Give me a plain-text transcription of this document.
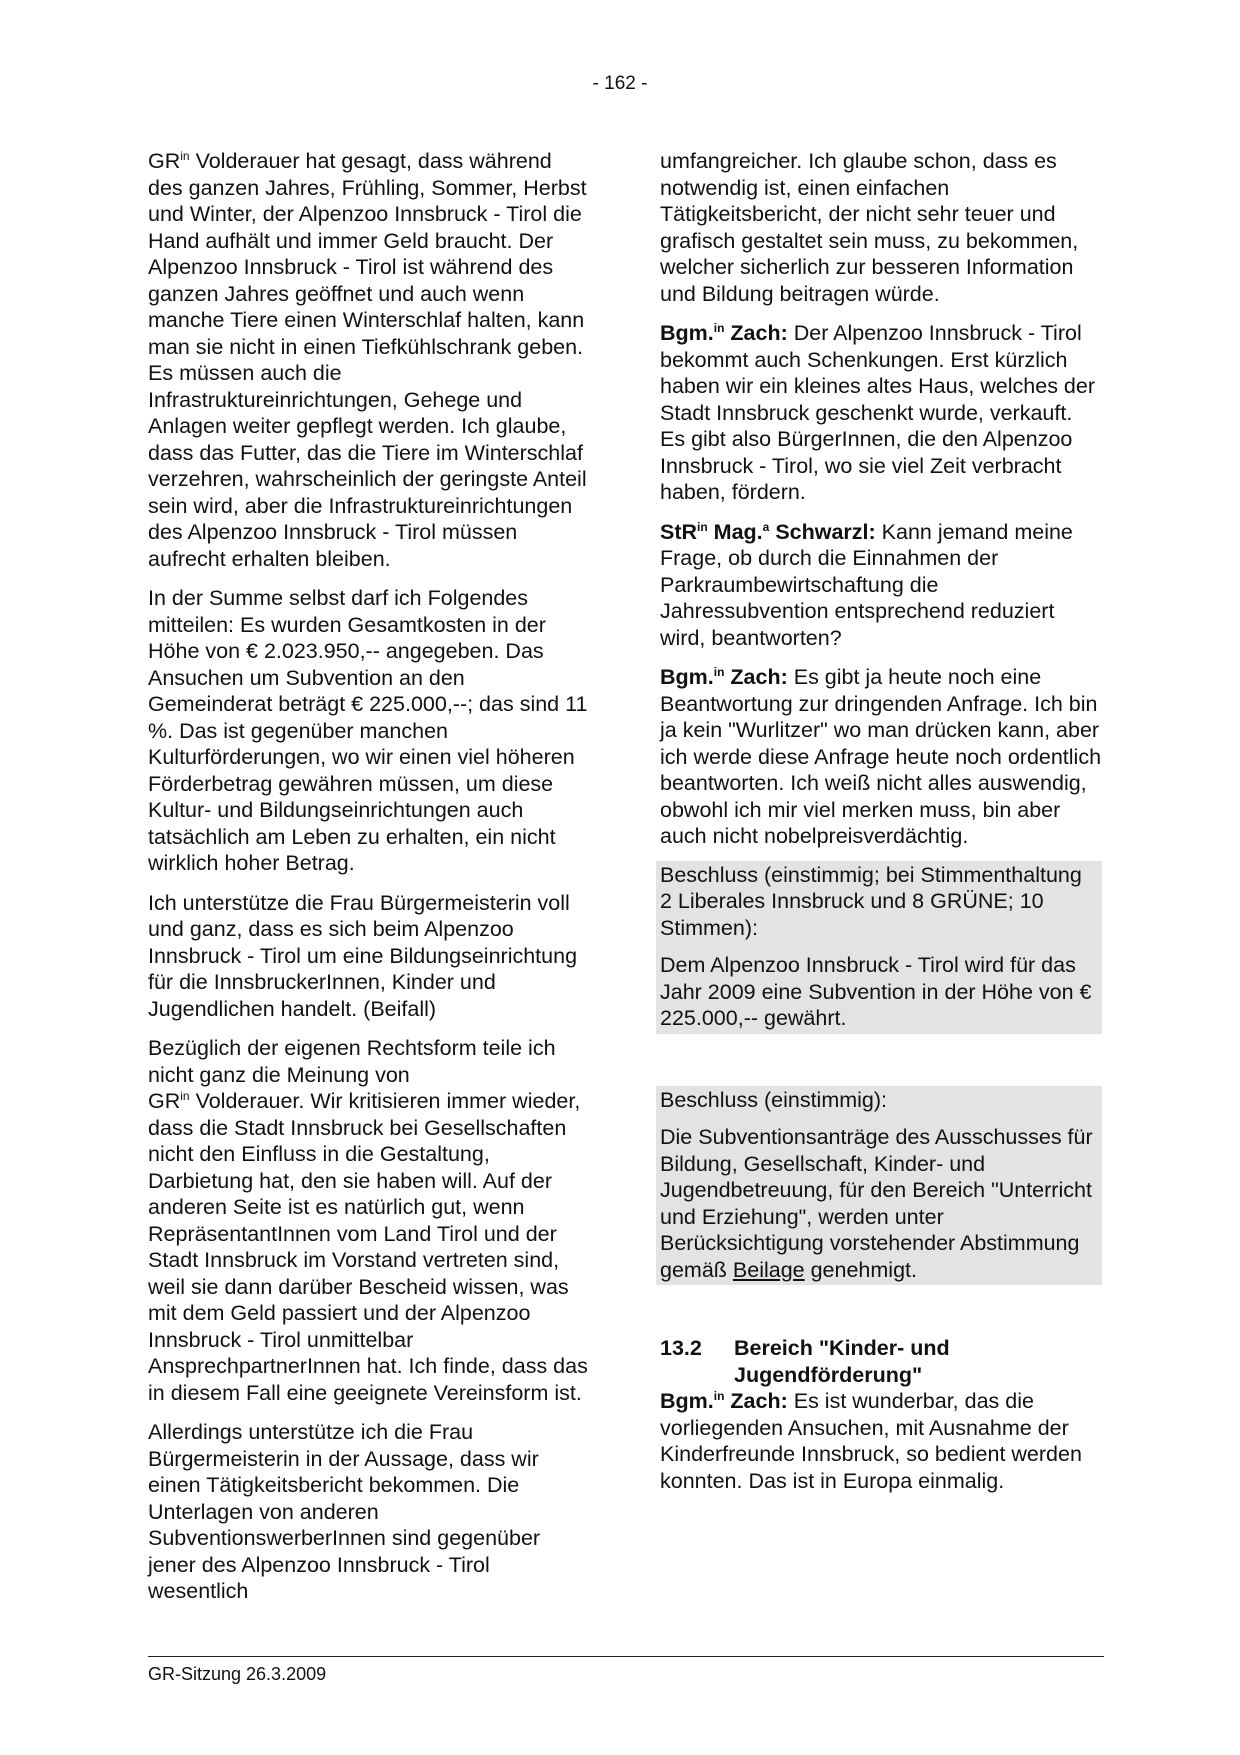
- 162 -

$GR^{in}$ Volderauer hat gesagt, dass während des ganzen Jahres, Frühling, Sommer, Herbst und Winter, der Alpenzoo Innsbruck - Tirol die Hand aufhält und immer Geld braucht. Der Alpenzoo Innsbruck - Tirol ist während des ganzen Jahres geöffnet und auch wenn manche Tiere einen Winterschlaf halten, kann man sie nicht in einen Tiefkühlschrank geben. Es müssen auch die Infrastruktureinrichtungen, Gehege und Anlagen weiter gepflegt werden. Ich glaube, dass das Futter, das die Tiere im Winterschlaf verzehren, wahrscheinlich der geringste Anteil sein wird, aber die Infrastruktureinrichtungen des Alpenzoo Innsbruck - Tirol müssen aufrecht erhalten bleiben.

In der Summe selbst darf ich Folgendes mitteilen: Es wurden Gesamtkosten in der Höhe von € 2.023.950,-- angegeben. Das Ansuchen um Subvention an den Gemeinderat beträgt € 225.000,--; das sind 11 %. Das ist gegenüber manchen Kulturförderungen, wo wir einen viel höheren Förderbetrag gewähren müssen, um diese Kultur- und Bildungseinrichtungen auch tatsächlich am Leben zu erhalten, ein nicht wirklich hoher Betrag.

Ich unterstütze die Frau Bürgermeisterin voll und ganz, dass es sich beim Alpenzoo Innsbruck - Tirol um eine Bildungseinrichtung für die InnsbruckerInnen, Kinder und Jugendlichen handelt. (Beifall)

Bezüglich der eigenen Rechtsform teile ich nicht ganz die Meinung von
$GR^{in}$ Volderauer. Wir kritisieren immer wieder, dass die Stadt Innsbruck bei Gesellschaften nicht den Einfluss in die Gestaltung, Darbietung hat, den sie haben will. Auf der anderen Seite ist es natürlich gut, wenn RepräsentantInnen vom Land Tirol und der Stadt Innsbruck im Vorstand vertreten sind, weil sie dann darüber Bescheid wissen, was mit dem Geld passiert und der Alpenzoo Innsbruck - Tirol unmittelbar AnsprechpartnerInnen hat. Ich finde, dass das in diesem Fall eine geeignete Vereinsform ist.

Allerdings unterstütze ich die Frau Bürgermeisterin in der Aussage, dass wir einen Tätigkeitsbericht bekommen. Die Unterlagen von anderen SubventionswerberInnen sind gegenüber jener des Alpenzoo Innsbruck - Tirol wesentlich

umfangreicher. Ich glaube schon, dass es notwendig ist, einen einfachen Tätigkeitsbericht, der nicht sehr teuer und grafisch gestaltet sein muss, zu bekommen, welcher sicherlich zur besseren Information und Bildung beitragen würde.

Bgm.$^{in}$ Zach: Der Alpenzoo Innsbruck - Tirol bekommt auch Schenkungen. Erst kürzlich haben wir ein kleines altes Haus, welches der Stadt Innsbruck geschenkt wurde, verkauft. Es gibt also BürgerInnen, die den Alpenzoo Innsbruck - Tirol, wo sie viel Zeit verbracht haben, fördern.

StR$^{in}$ Mag.$^a$ Schwarzl: Kann jemand meine Frage, ob durch die Einnahmen der Parkraumbewirtschaftung die Jahressubvention entsprechend reduziert wird, beantworten?

Bgm.$^{in}$ Zach: Es gibt ja heute noch eine Beantwortung zur dringenden Anfrage. Ich bin ja kein "Wurlitzer" wo man drücken kann, aber ich werde diese Anfrage heute noch ordentlich beantworten. Ich weiß nicht alles auswendig, obwohl ich mir viel merken muss, bin aber auch nicht nobelpreisverdächtig.

Beschluss (einstimmig; bei Stimmenthaltung 2 Liberales Innsbruck und 8 GRÜNE; 10 Stimmen):

Dem Alpenzoo Innsbruck - Tirol wird für das Jahr 2009 eine Subvention in der Höhe von € 225.000,-- gewährt.

Beschluss (einstimmig):

Die Subventionsanträge des Ausschusses für Bildung, Gesellschaft, Kinder- und Jugendbetreuung, für den Bereich "Unterricht und Erziehung", werden unter Berücksichtigung vorstehender Abstimmung gemäß Beilage genehmigt.

13.2	Bereich "Kinder- und Jugendförderung"

Bgm.$^{in}$ Zach: Es ist wunderbar, das die vorliegenden Ansuchen, mit Ausnahme der Kinderfreunde Innsbruck, so bedient werden konnten. Das ist in Europa einmalig.

GR-Sitzung 26.3.2009
